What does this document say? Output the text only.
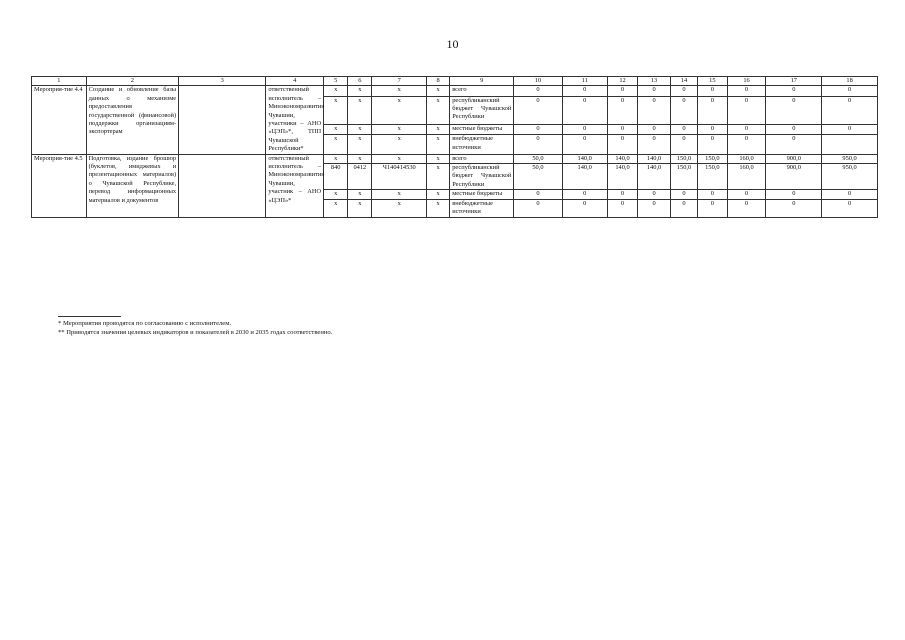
10
1	2	3	4	5	6	7	8	9	10	11	12	13	14	15	16	17	18
Мероприя-тие 4.4	Создание и обновление базы данных о механизме предоставления государственной (финансовой) поддержки организациям-экспортерам		ответственный исполнитель – Минэкономразвития Чувашии, участники – АНО «ЦЭП»*, ТПП Чувашской Республики*	x	x	x	x	всего	0	0	0	0	0	0	0	0	0
				x	x	x	x	республиканский бюджет Чувашской Республики	0	0	0	0	0	0	0	0	0
				x	x	x	x	местные бюджеты	0	0	0	0	0	0	0	0	0
				x	x	x	x	внебюджетные источники	0	0	0	0	0	0	0	0	
Мероприя-тие 4.5	Подготовка, издание брошюр (буклетов, имиджевых и презентационных материалов) о Чувашской Республике, перевод информационных материалов и документов		ответственный исполнитель – Минэкономразвития Чувашии, участник – АНО «ЦЭП»*	x	x	x	x	всего	50,0	140,0	140,0	140,0	150,0	150,0	160,0	900,0	950,0
				840	0412	Ч140414530	x	республиканский бюджет Чувашской Республики	50,0	140,0	140,0	140,0	150,0	150,0	160,0	900,0	950,0
				x	x	x	x	местные бюджеты	0	0	0	0	0	0	0	0	0
				x	x	x	x	внебюджетные источники	0	0	0	0	0	0	0	0	0
* Мероприятия проводятся по согласованию с исполнителем.
** Приводятся значения целевых индикаторов и показателей в 2030 и 2035 годах соответственно.
